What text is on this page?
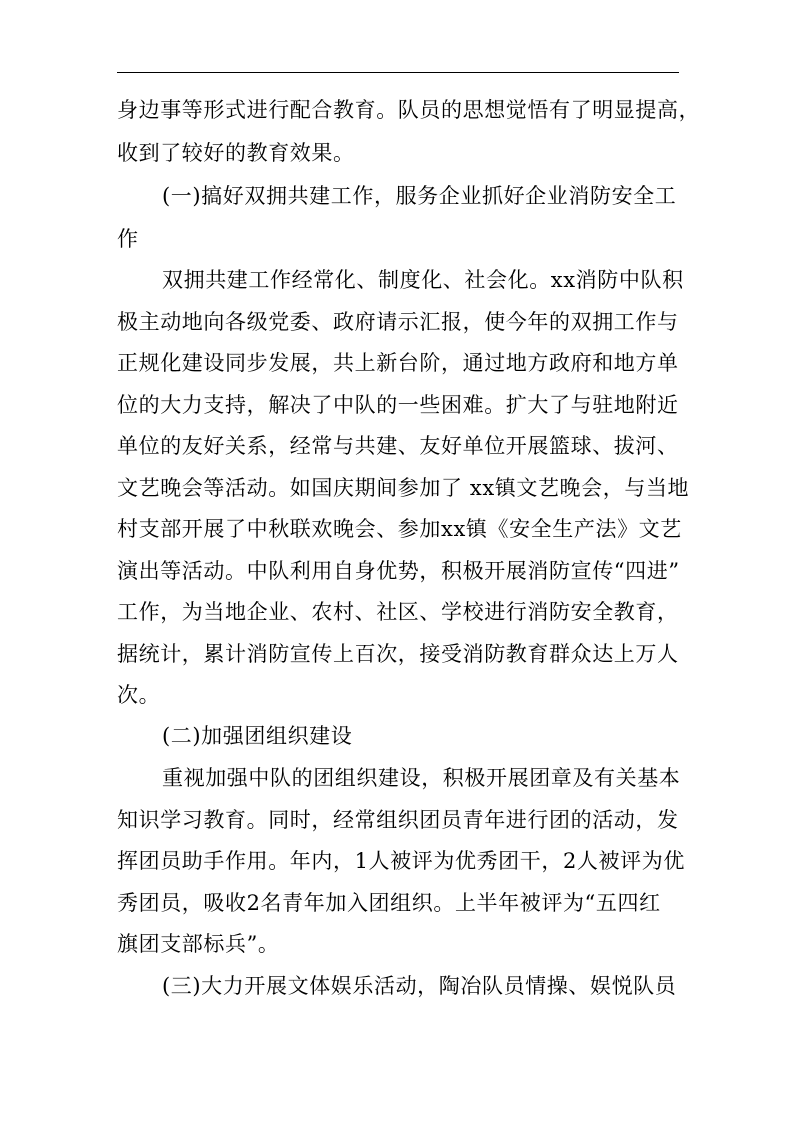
身边事等形式进行配合教育。队员的思想觉悟有了明显提高，
收到了较好的教育效果。
(一)搞好双拥共建工作，服务企业抓好企业消防安全工
作
双拥共建工作经常化、制度化、社会化。xx消防中队积
极主动地向各级党委、政府请示汇报，使今年的双拥工作与
正规化建设同步发展，共上新台阶，通过地方政府和地方单
位的大力支持，解决了中队的一些困难。扩大了与驻地附近
单位的友好关系，经常与共建、友好单位开展篮球、拔河、
文艺晚会等活动。如国庆期间参加了 xx镇文艺晚会，与当地
村支部开展了中秋联欢晚会、参加xx镇《安全生产法》文艺
演出等活动。中队利用自身优势，积极开展消防宣传“四进”
工作，为当地企业、农村、社区、学校进行消防安全教育，
据统计，累计消防宣传上百次，接受消防教育群众达上万人
次。
(二)加强团组织建设
重视加强中队的团组织建设，积极开展团章及有关基本
知识学习教育。同时，经常组织团员青年进行团的活动，发
挥团员助手作用。年内，1人被评为优秀团干，2人被评为优
秀团员，吸收2名青年加入团组织。上半年被评为“五四红
旗团支部标兵”。
(三)大力开展文体娱乐活动，陶冶队员情操、娱悦队员
